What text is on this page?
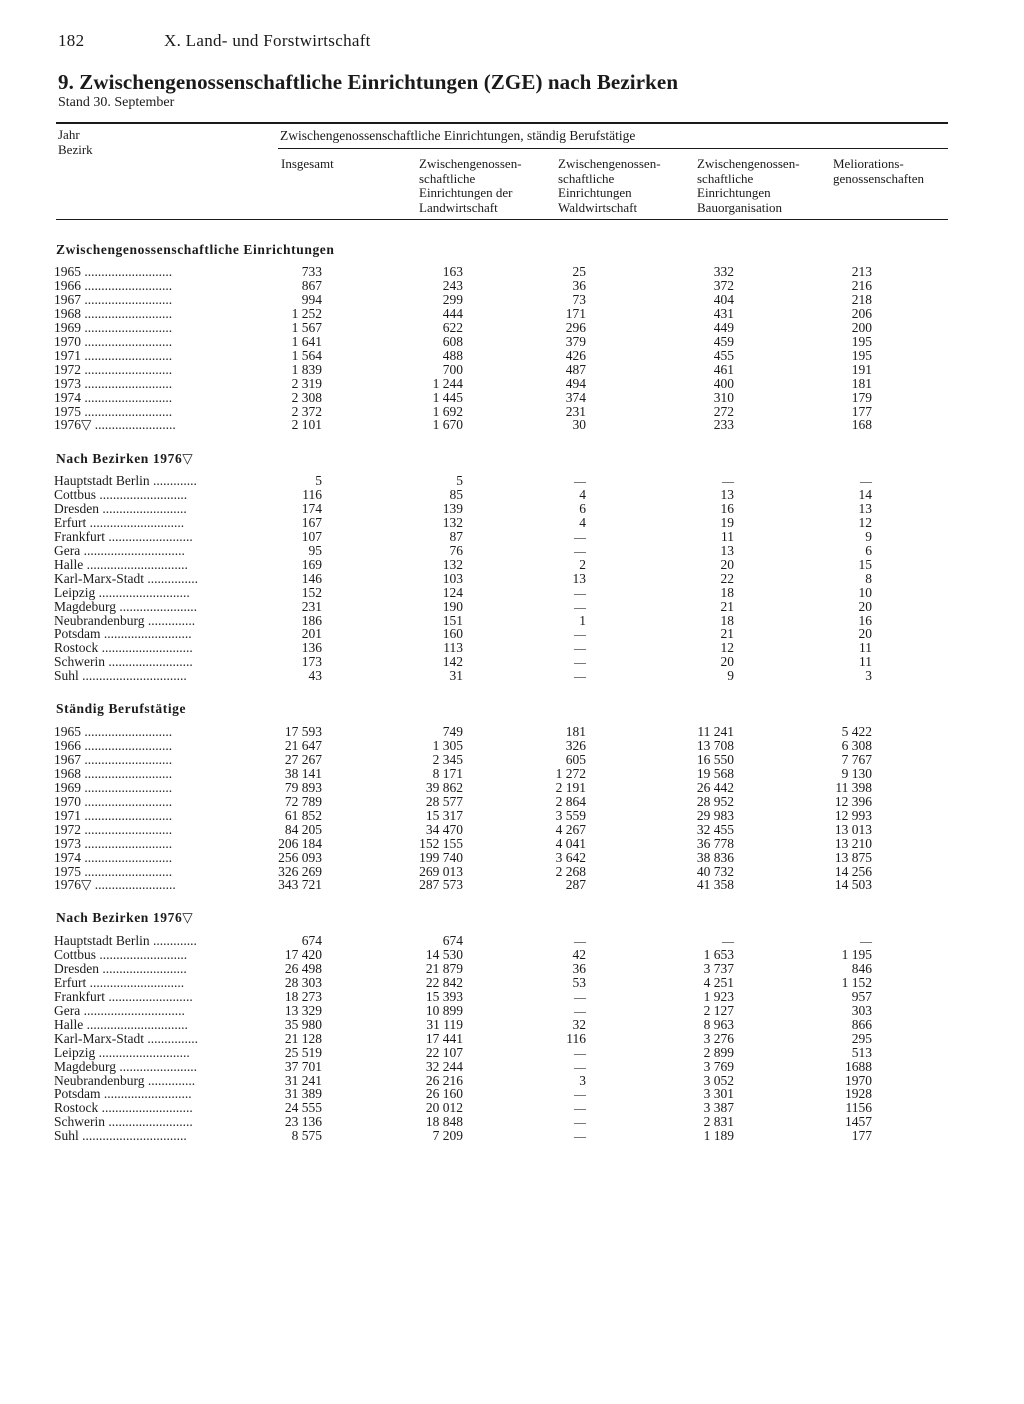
182	X. Land- und Forstwirtschaft
9. Zwischengenossenschaftliche Einrichtungen (ZGE) nach Bezirken
Stand 30. September
Jahr
Bezirk
Zwischengenossenschaftliche Einrichtungen, ständig Berufstätige
Insgesamt	Zwischengenossen-
schaftliche
Einrichtungen der
Landwirtschaft
Zwischengenossen-
schaftliche
Einrichtungen
Waldwirtschaft
Zwischengenossen-
schaftliche
Einrichtungen
Bauorganisation
Meliorations-
genossenschaften
Zwischengenossenschaftliche Einrichtungen
1965 ..........................	733	163	25	332	213
1966 ..........................	867	243	36	372	216
1967 ..........................	994	299	73	404	218
1968 ..........................	1 252	444	171	431	206
1969 ..........................	1 567	622	296	449	200
1970 ..........................	1 641	608	379	459	195
1971 ..........................	1 564	488	426	455	195
1972 ..........................	1 839	700	487	461	191
1973 ..........................	2 319	1 244	494	400	181
1974 ..........................	2 308	1 445	374	310	179
1975 ..........................	2 372	1 692	231	272	177
1976▽ ........................	2 101	1 670	30	233	168
Nach Bezirken 1976▽
Hauptstadt Berlin .............	5	5	—	—	—
Cottbus ..........................	116	85	4	13	14
Dresden .........................	174	139	6	16	13
Erfurt ............................	167	132	4	19	12
Frankfurt .........................	107	87	—	11	9
Gera ..............................	95	76	—	13	6
Halle ..............................	169	132	2	20	15
Karl-Marx-Stadt ...............	146	103	13	22	8
Leipzig ...........................	152	124	—	18	10
Magdeburg .......................	231	190	—	21	20
Neubrandenburg ..............	186	151	1	18	16
Potsdam ..........................	201	160	—	21	20
Rostock ...........................	136	113	—	12	11
Schwerin .........................	173	142	—	20	11
Suhl ...............................	43	31	—	9	3
Ständig Berufstätige
1965 ..........................	17 593	749	181	11 241	5 422
1966 ..........................	21 647	1 305	326	13 708	6 308
1967 ..........................	27 267	2 345	605	16 550	7 767
1968 ..........................	38 141	8 171	1 272	19 568	9 130
1969 ..........................	79 893	39 862	2 191	26 442	11 398
1970 ..........................	72 789	28 577	2 864	28 952	12 396
1971 ..........................	61 852	15 317	3 559	29 983	12 993
1972 ..........................	84 205	34 470	4 267	32 455	13 013
1973 ..........................	206 184	152 155	4 041	36 778	13 210
1974 ..........................	256 093	199 740	3 642	38 836	13 875
1975 ..........................	326 269	269 013	2 268	40 732	14 256
1976▽ ........................	343 721	287 573	287	41 358	14 503
Nach Bezirken 1976▽
Hauptstadt Berlin .............	674	674	—	—	—
Cottbus ..........................	17 420	14 530	42	1 653	1 195
Dresden .........................	26 498	21 879	36	3 737	846
Erfurt ............................	28 303	22 842	53	4 251	1 152
Frankfurt .........................	18 273	15 393	—	1 923	957
Gera ..............................	13 329	10 899	—	2 127	303
Halle ..............................	35 980	31 119	32	8 963	866
Karl-Marx-Stadt ...............	21 128	17 441	116	3 276	295
Leipzig ...........................	25 519	22 107	—	2 899	513
Magdeburg .......................	37 701	32 244	—	3 769	1688
Neubrandenburg ..............	31 241	26 216	3	3 052	1970
Potsdam ..........................	31 389	26 160	—	3 301	1928
Rostock ...........................	24 555	20 012	—	3 387	1156
Schwerin .........................	23 136	18 848	—	2 831	1457
Suhl ...............................	8 575	7 209	—	1 189	177
